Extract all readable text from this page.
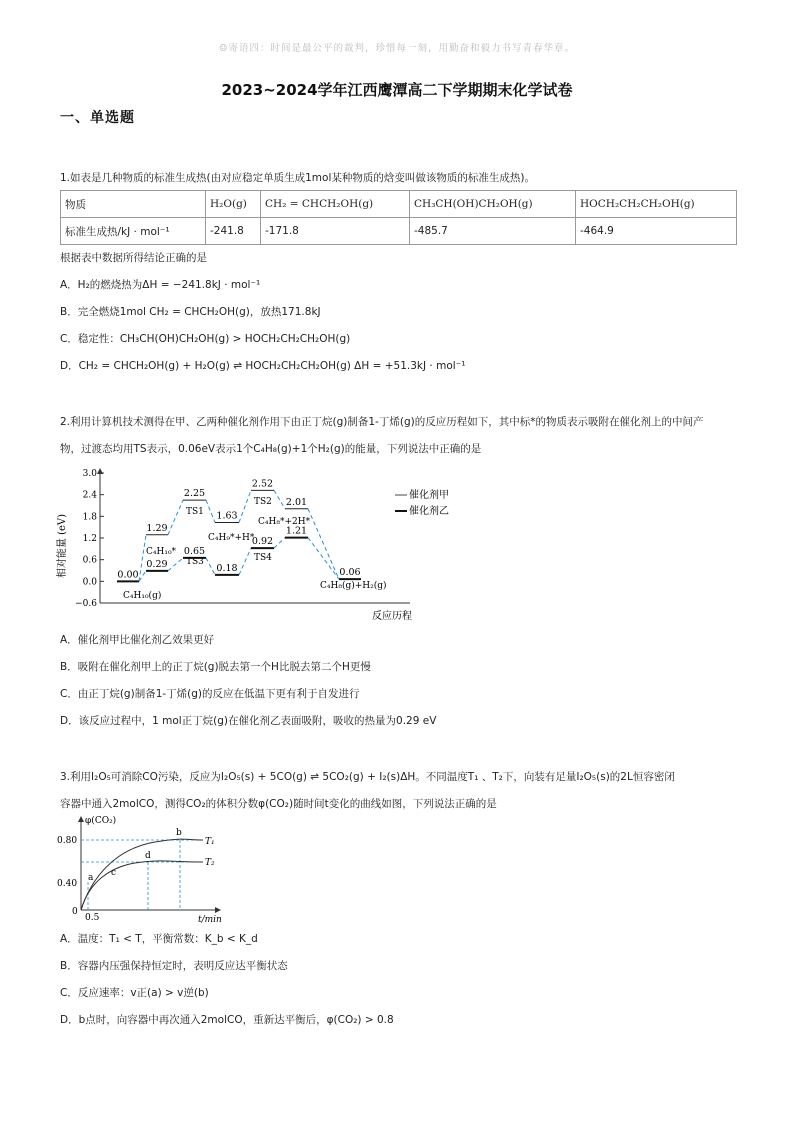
☺寄语四：时间是最公平的裁判，珍惜每一刻，用勤奋和毅力书写青春华章。
2023~2024学年江西鹰潭高二下学期期末化学试卷
一、单选题
1.如表是几种物质的标准生成热(由对应稳定单质生成1mol某种物质的焓变叫做该物质的标准生成热)。
物质	H₂O(g)	CH₂ = CHCH₂OH(g)	CH₃CH(OH)CH₂OH(g)	HOCH₂CH₂CH₂OH(g)
标准生成热/kJ · mol⁻¹	-241.8	-171.8	-485.7	-464.9
根据表中数据所得结论正确的是
A．H₂的燃烧热为ΔH = −241.8kJ · mol⁻¹
B．完全燃烧1mol CH₂ = CHCH₂OH(g)，放热171.8kJ
C．稳定性：CH₃CH(OH)CH₂OH(g) > HOCH₂CH₂CH₂OH(g)
D．CH₂ = CHCH₂OH(g) + H₂O(g) ⇌ HOCH₂CH₂CH₂OH(g) ΔH = +51.3kJ · mol⁻¹
2.利用计算机技术测得在甲、乙两种催化剂作用下由正丁烷(g)制备1-丁烯(g)的反应历程如下，其中标*的物质表示吸附在催化剂上的中间产
物，过渡态均用TS表示，0.06eV表示1个C₄H₈(g)+1个H₂(g)的能量，下列说法中正确的是
−0.6
0.0
0.6
1.2
1.8
2.4
3.0
相对能量 (eV)
反应历程
0.00
1.29
2.25
1.63
2.52
2.01
0.29
0.65
0.18
0.92
1.21
0.06
C₄H₁₀(g)
C₄H₁₀*
TS1
C₄H₉*+H*
TS2
C₄H₈*+2H*
TS3	TS4
C₄H₈(g)+H₂(g)
催化剂甲
催化剂乙
A．催化剂甲比催化剂乙效果更好
B．吸附在催化剂甲上的正丁烷(g)脱去第一个H比脱去第二个H更慢
C．由正丁烷(g)制备1-丁烯(g)的反应在低温下更有利于自发进行
D．该反应过程中，1 mol正丁烷(g)在催化剂乙表面吸附，吸收的热量为0.29 eV
3.利用I₂O₅可消除CO污染，反应为I₂O₅(s) + 5CO(g) ⇌ 5CO₂(g) + I₂(s)ΔH。不同温度T₁ 、T₂下，向装有足量I₂O₅(s)的2L恒容密闭
容器中通入2molCO，测得CO₂的体积分数φ(CO₂)随时间t变化的曲线如图，下列说法正确的是
φ(CO₂)
t/min
0.80
0.40
0
0.5
T₁
T₂
a
b
c
d
A．温度：T₁ < T，平衡常数：K_b < K_d
B．容器内压强保持恒定时，表明反应达平衡状态
C．反应速率：v正(a) > v逆(b)
D．b点时，向容器中再次通入2molCO，重新达平衡后，φ(CO₂) > 0.8
